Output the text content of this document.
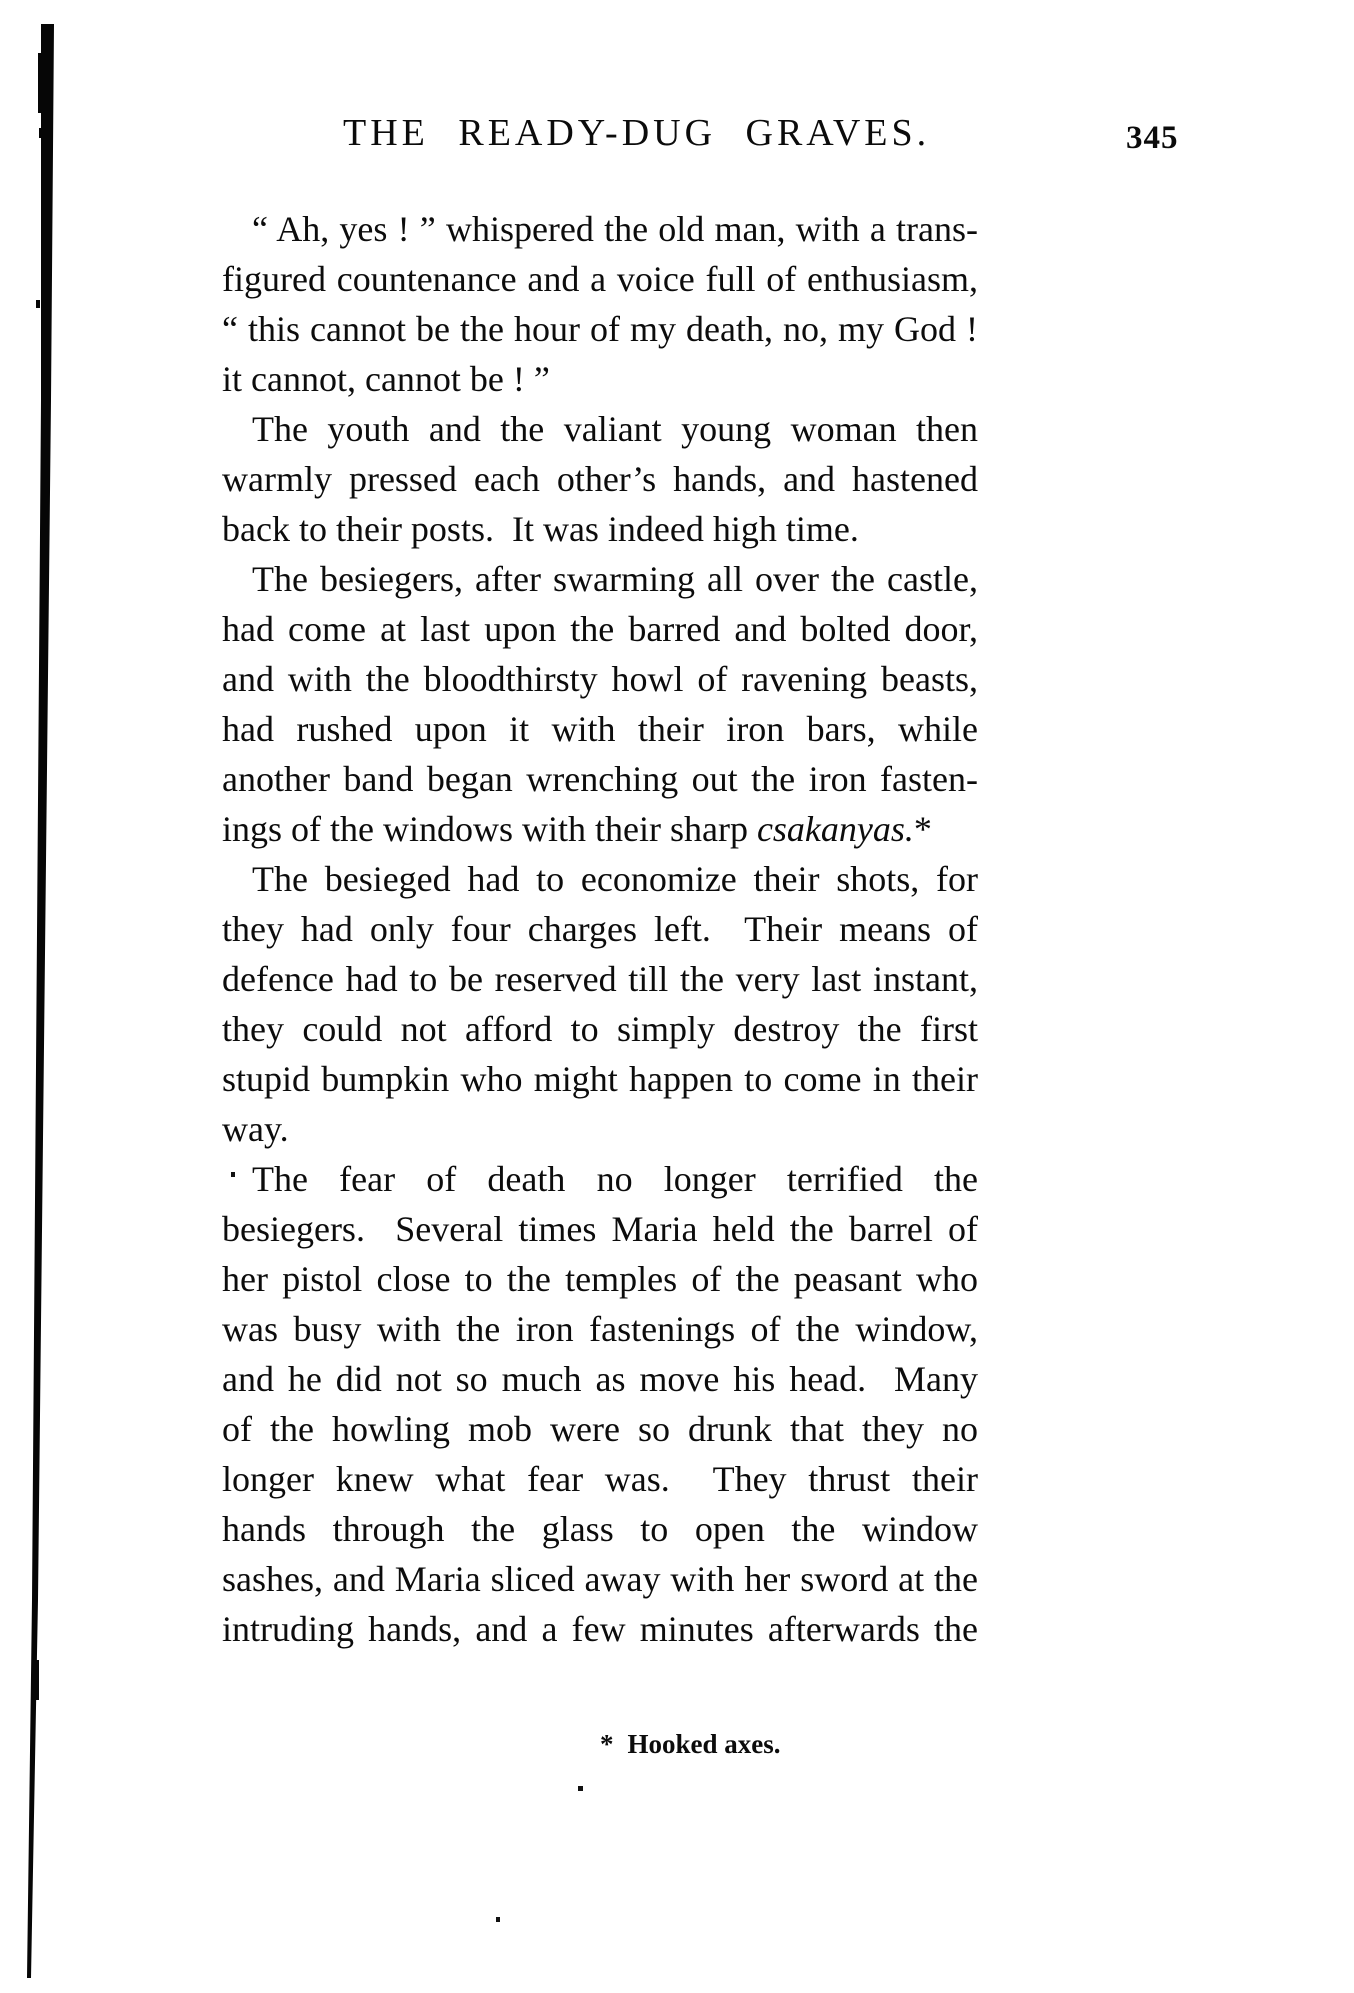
THE READY-DUG GRAVES.	345
“ Ah, yes ! ” whispered the old man, with a trans-
figured countenance and a voice full of enthusiasm,
“ this cannot be the hour of my death, no, my God !
it cannot, cannot be ! ”
The youth and the valiant young woman then
warmly pressed each other’s hands, and hastened
back to their posts.  It was indeed high time.
The besiegers, after swarming all over the castle,
had come at last upon the barred and bolted door,
and with the bloodthirsty howl of ravening beasts,
had rushed upon it with their iron bars, while
another band began wrenching out the iron fasten-
ings of the windows with their sharp csakanyas.*
The besieged had to economize their shots, for
they had only four charges left.  Their means of
defence had to be reserved till the very last instant,
they could not afford to simply destroy the first
stupid bumpkin who might happen to come in their
way.
The fear of death no longer terrified the
besiegers.  Several times Maria held the barrel of
her pistol close to the temples of the peasant who
was busy with the iron fastenings of the window,
and he did not so much as move his head.  Many
of the howling mob were so drunk that they no
longer knew what fear was.  They thrust their
hands through the glass to open the window
sashes, and Maria sliced away with her sword at the
intruding hands, and a few minutes afterwards the
* Hooked axes.
